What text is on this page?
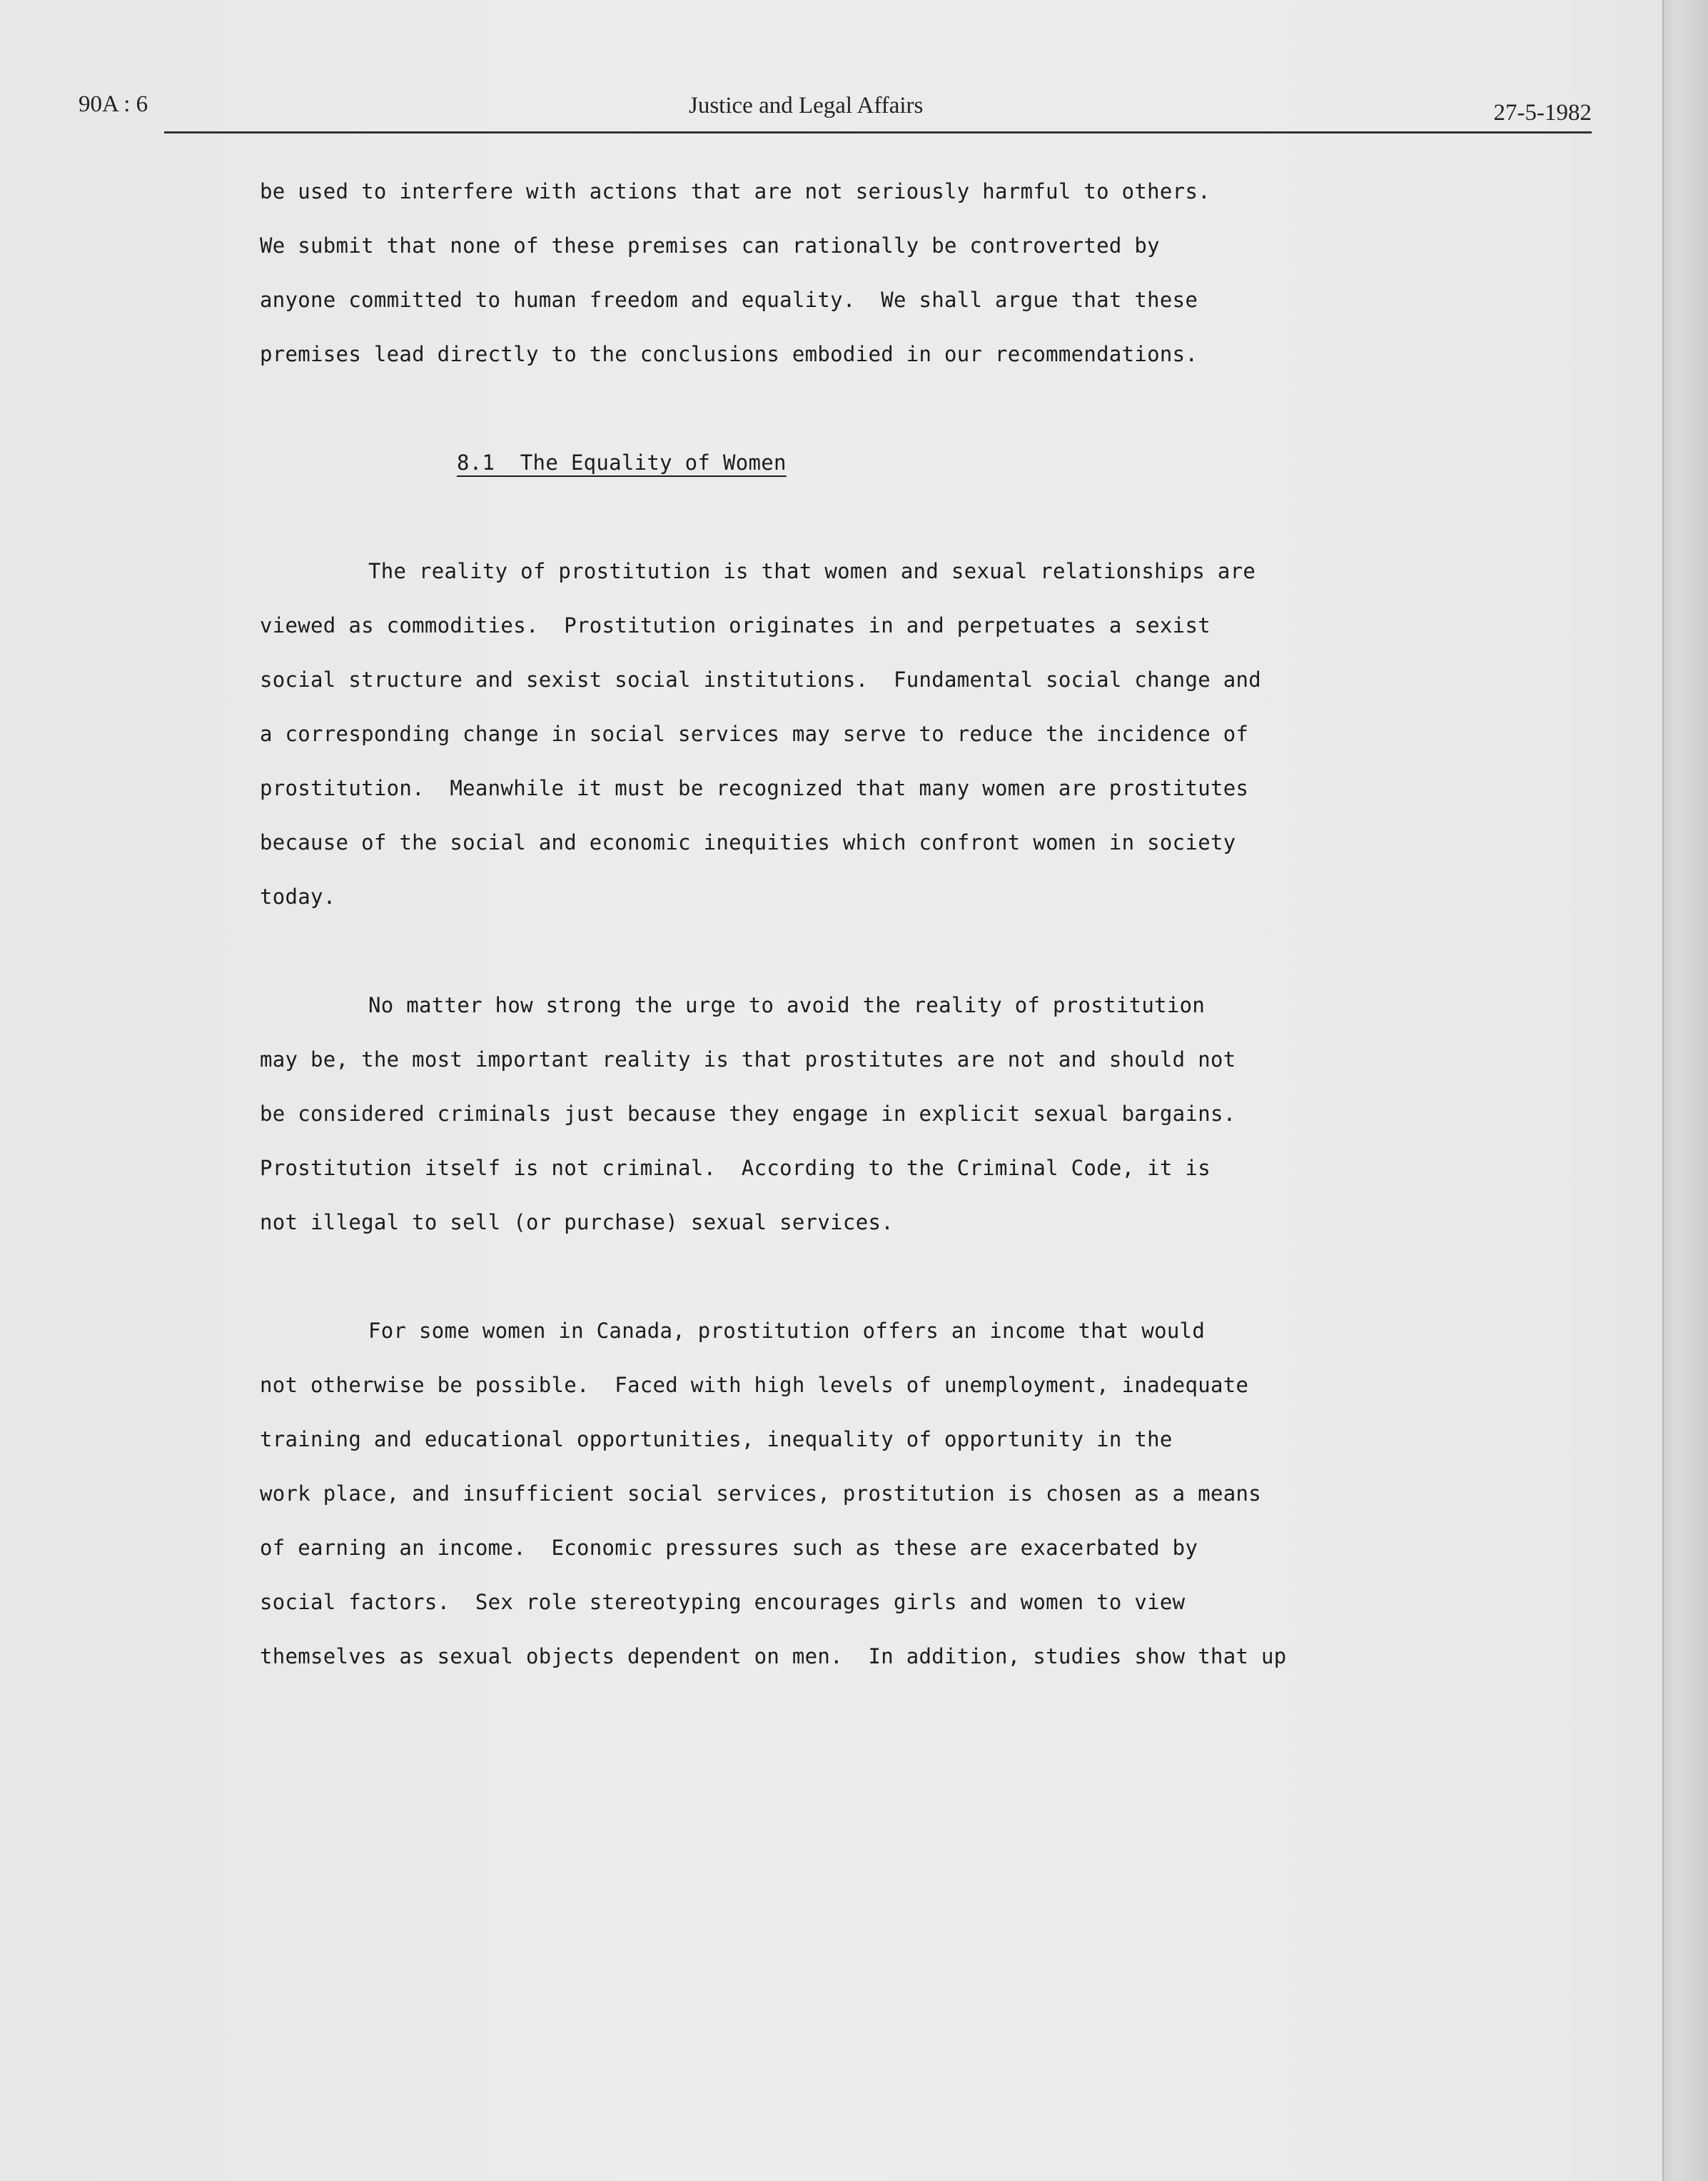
90A : 6	Justice and Legal Affairs	27-5-1982
be used to interfere with actions that are not seriously harmful to others.
We submit that none of these premises can rationally be controverted by
anyone committed to human freedom and equality.  We shall argue that these
premises lead directly to the conclusions embodied in our recommendations.
8.1  The Equality of Women
The reality of prostitution is that women and sexual relationships are
viewed as commodities.  Prostitution originates in and perpetuates a sexist
social structure and sexist social institutions.  Fundamental social change and
a corresponding change in social services may serve to reduce the incidence of
prostitution.  Meanwhile it must be recognized that many women are prostitutes
because of the social and economic inequities which confront women in society
today.
No matter how strong the urge to avoid the reality of prostitution
may be, the most important reality is that prostitutes are not and should not
be considered criminals just because they engage in explicit sexual bargains.
Prostitution itself is not criminal.  According to the Criminal Code, it is
not illegal to sell (or purchase) sexual services.
For some women in Canada, prostitution offers an income that would
not otherwise be possible.  Faced with high levels of unemployment, inadequate
training and educational opportunities, inequality of opportunity in the
work place, and insufficient social services, prostitution is chosen as a means
of earning an income.  Economic pressures such as these are exacerbated by
social factors.  Sex role stereotyping encourages girls and women to view
themselves as sexual objects dependent on men.  In addition, studies show that up
